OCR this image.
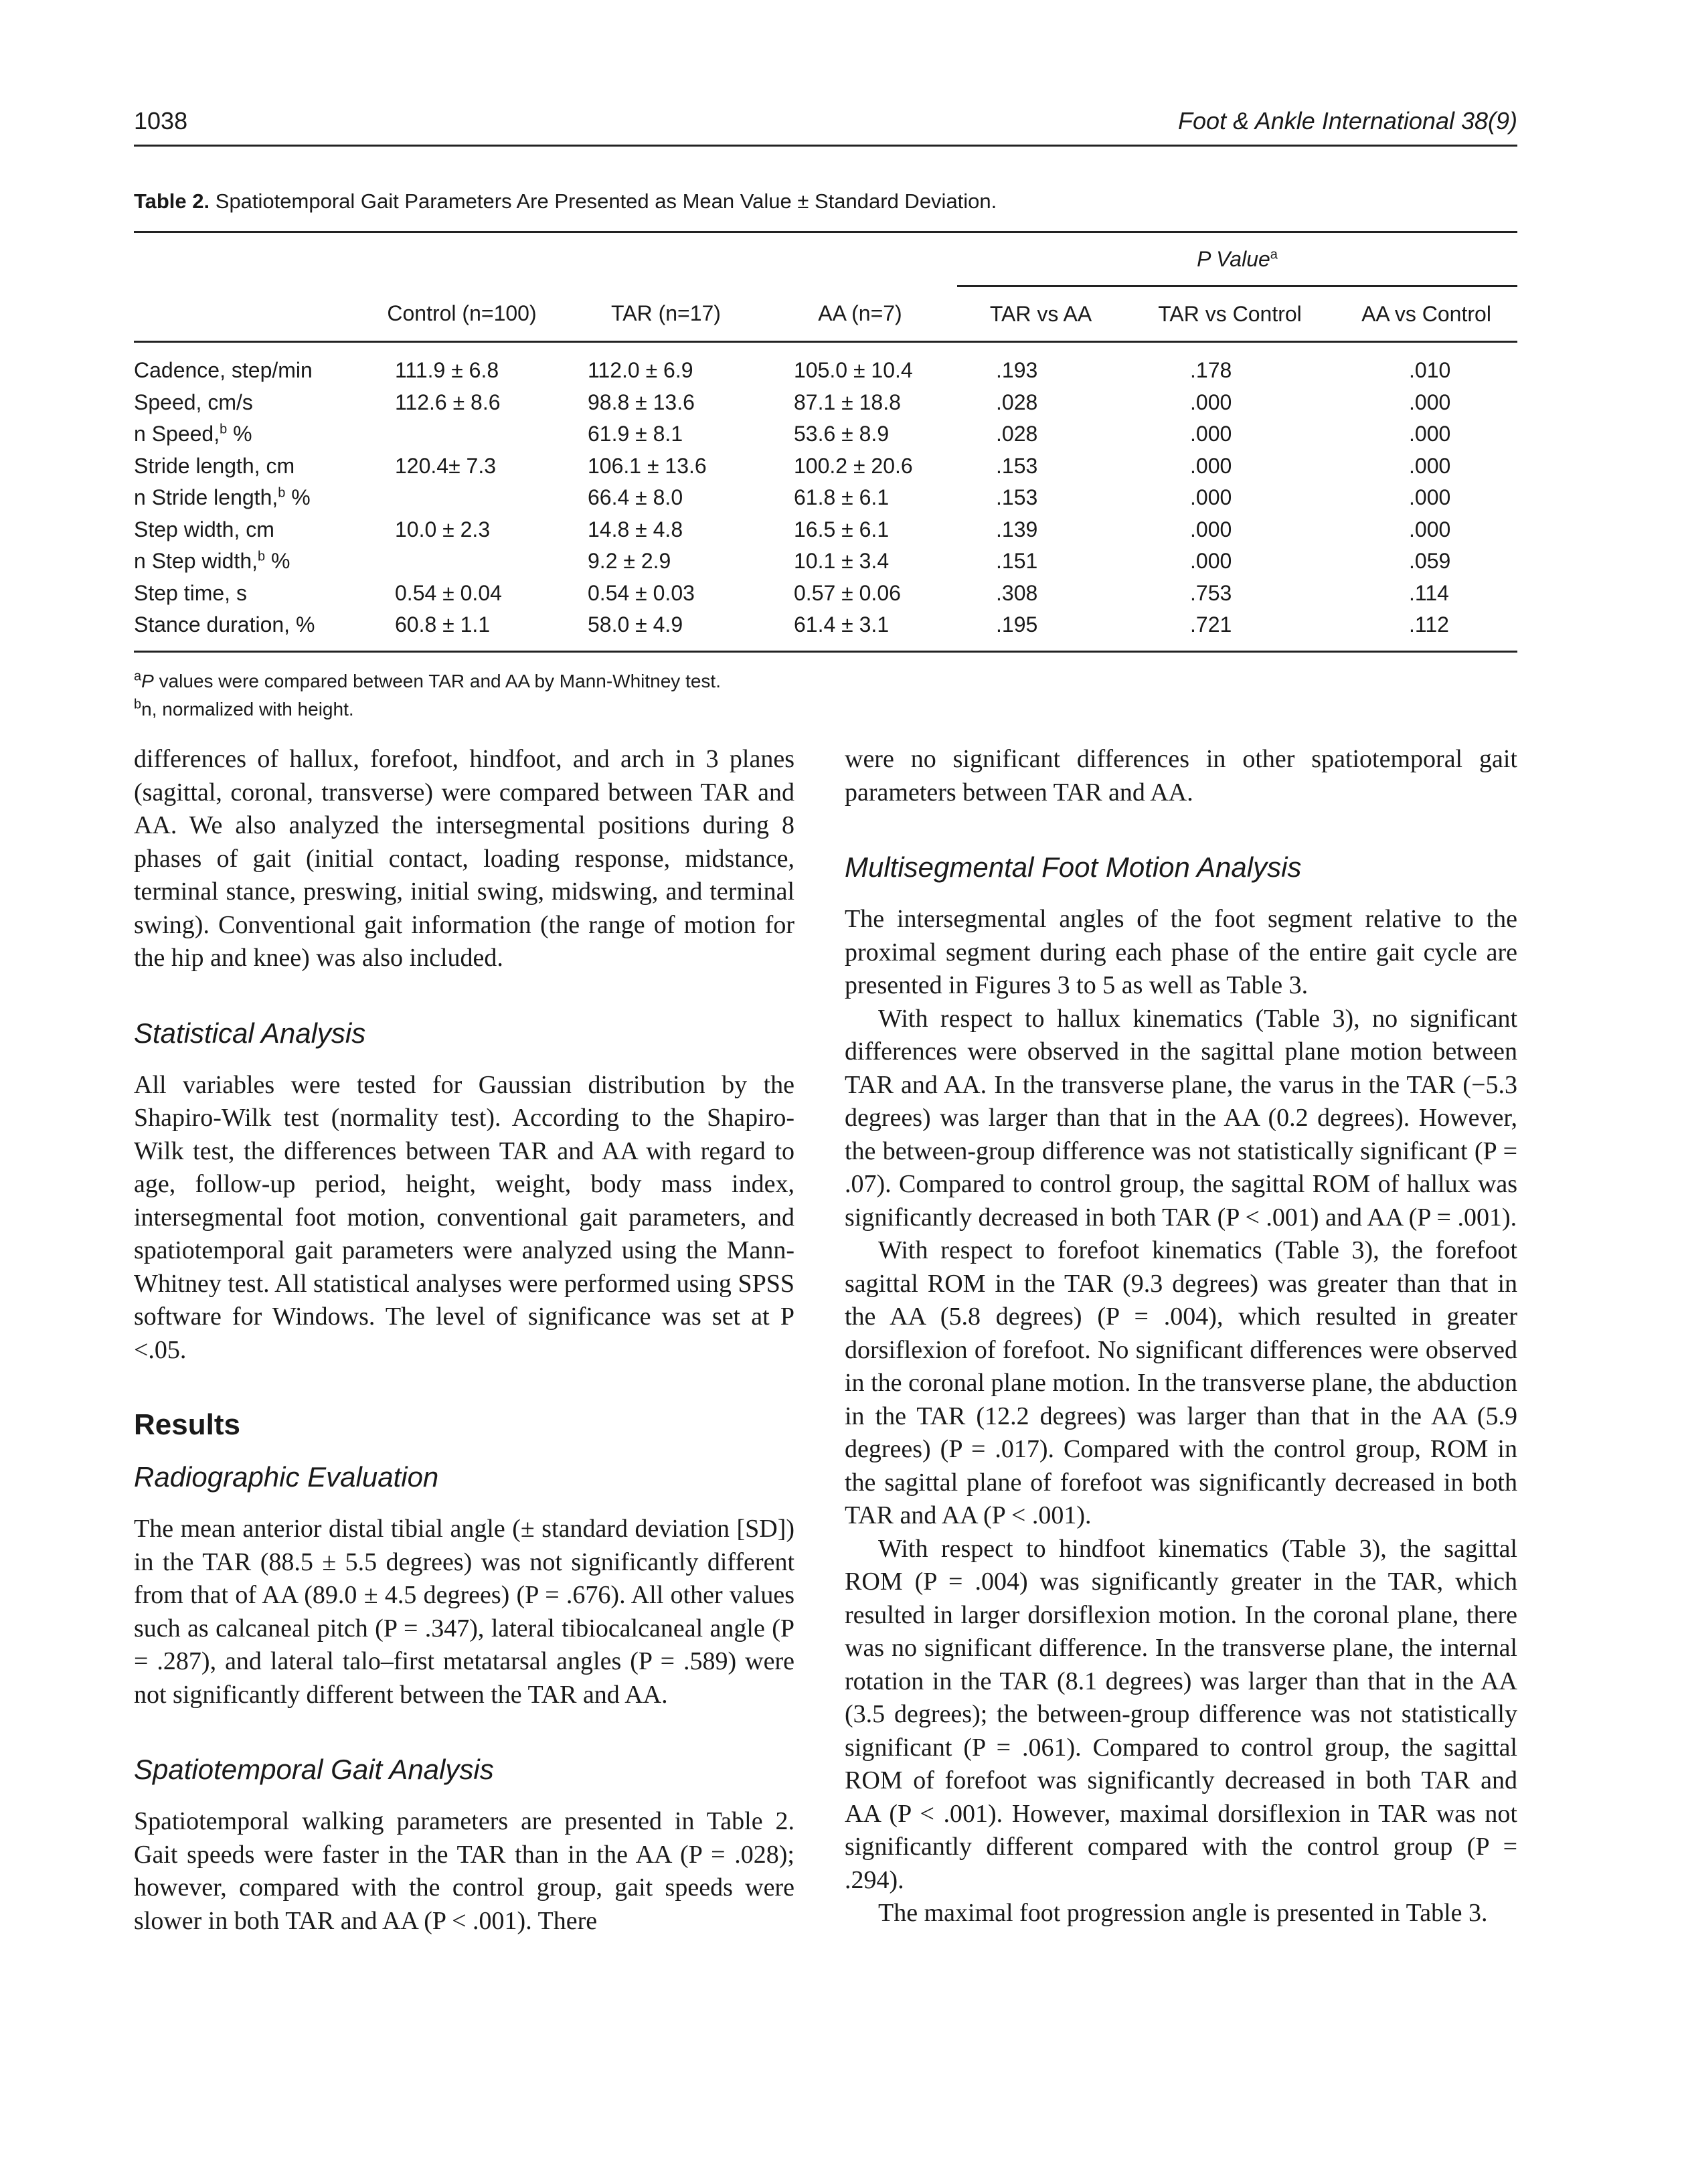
1038	Foot & Ankle International 38(9)
Table 2. Spatiotemporal Gait Parameters Are Presented as Mean Value ± Standard Deviation.
				P Value$^a$
	Control (n=100)	TAR (n=17)	AA (n=7)	TAR vs AA	TAR vs Control	AA vs Control
Cadence, step/min	111.9 ± 6.8	112.0 ± 6.9	105.0 ± 10.4	.193	.178	.010
Speed, cm/s	112.6 ± 8.6	98.8 ± 13.6	87.1 ± 18.8	.028	.000	.000
n Speed,$^b$ %		61.9 ± 8.1	53.6 ± 8.9	.028	.000	.000
Stride length, cm	120.4± 7.3	106.1 ± 13.6	100.2 ± 20.6	.153	.000	.000
n Stride length,$^b$ %		66.4 ± 8.0	61.8 ± 6.1	.153	.000	.000
Step width, cm	10.0 ± 2.3	14.8 ± 4.8	16.5 ± 6.1	.139	.000	.000
n Step width,$^b$ %		9.2 ± 2.9	10.1 ± 3.4	.151	.000	.059
Step time, s	0.54 ± 0.04	0.54 ± 0.03	0.57 ± 0.06	.308	.753	.114
Stance duration, %	60.8 ± 1.1	58.0 ± 4.9	61.4 ± 3.1	.195	.721	.112
$^a$P values were compared between TAR and AA by Mann-Whitney test.
$^b$n, normalized with height.

differences of hallux, forefoot, hindfoot, and arch in 3 planes (sagittal, coronal, transverse) were compared between TAR and AA. We also analyzed the intersegmental positions during 8 phases of gait (initial contact, loading response, midstance, terminal stance, preswing, initial swing, midswing, and terminal swing). Conventional gait information (the range of motion for the hip and knee) was also included.

Statistical Analysis

All variables were tested for Gaussian distribution by the Shapiro-Wilk test (normality test). According to the Shapiro-Wilk test, the differences between TAR and AA with regard to age, follow-up period, height, weight, body mass index, intersegmental foot motion, conventional gait parameters, and spatiotemporal gait parameters were analyzed using the Mann-Whitney test. All statistical analyses were performed using SPSS software for Windows. The level of significance was set at P <.05.

Results
Radiographic Evaluation

The mean anterior distal tibial angle (± standard deviation [SD]) in the TAR (88.5 ± 5.5 degrees) was not significantly different from that of AA (89.0 ± 4.5 degrees) (P = .676). All other values such as calcaneal pitch (P = .347), lateral tibiocalcaneal angle (P = .287), and lateral talo–first metatarsal angles (P = .589) were not significantly different between the TAR and AA.

Spatiotemporal Gait Analysis

Spatiotemporal walking parameters are presented in Table 2. Gait speeds were faster in the TAR than in the AA (P = .028); however, compared with the control group, gait speeds were slower in both TAR and AA (P < .001). There

were no significant differences in other spatiotemporal gait parameters between TAR and AA.

Multisegmental Foot Motion Analysis

The intersegmental angles of the foot segment relative to the proximal segment during each phase of the entire gait cycle are presented in Figures 3 to 5 as well as Table 3.

With respect to hallux kinematics (Table 3), no significant differences were observed in the sagittal plane motion between TAR and AA. In the transverse plane, the varus in the TAR (−5.3 degrees) was larger than that in the AA (0.2 degrees). However, the between-group difference was not statistically significant (P = .07). Compared to control group, the sagittal ROM of hallux was significantly decreased in both TAR (P < .001) and AA (P = .001).

With respect to forefoot kinematics (Table 3), the forefoot sagittal ROM in the TAR (9.3 degrees) was greater than that in the AA (5.8 degrees) (P = .004), which resulted in greater dorsiflexion of forefoot. No significant differences were observed in the coronal plane motion. In the transverse plane, the abduction in the TAR (12.2 degrees) was larger than that in the AA (5.9 degrees) (P = .017). Compared with the control group, ROM in the sagittal plane of forefoot was significantly decreased in both TAR and AA (P < .001).

With respect to hindfoot kinematics (Table 3), the sagittal ROM (P = .004) was significantly greater in the TAR, which resulted in larger dorsiflexion motion. In the coronal plane, there was no significant difference. In the transverse plane, the internal rotation in the TAR (8.1 degrees) was larger than that in the AA (3.5 degrees); the between-group difference was not statistically significant (P = .061). Compared to control group, the sagittal ROM of forefoot was significantly decreased in both TAR and AA (P < .001). However, maximal dorsiflexion in TAR was not significantly different compared with the control group (P = .294).

The maximal foot progression angle is presented in Table 3.
